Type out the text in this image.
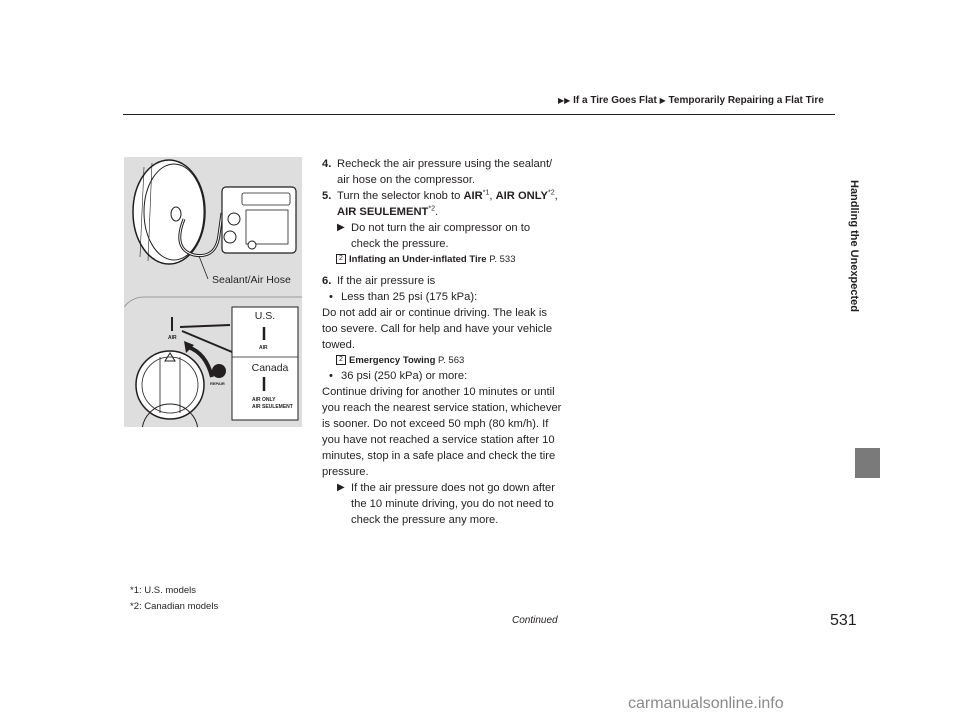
▶▶ If a Tire Goes Flat ▶ Temporarily Repairing a Flat Tire
Handling the Unexpected
Sealant/Air Hose
AIR
REPAIR
U.S.
AIR
Canada
AIR ONLY
AIR SEULEMENT
4. Recheck the air pressure using the sealant/
air hose on the compressor.
5. Turn the selector knob to AIR$^{*1}$, AIR ONLY$^{*2}$, AIR SEULEMENT$^{*2}$.
▶ Do not turn the air compressor on to check the pressure.
2 Inflating an Under-inflated Tire P. 533
6. If the air pressure is
• Less than 25 psi (175 kPa):

Do not add air or continue driving. The leak is too severe. Call for help and have your vehicle towed.

2 Emergency Towing P. 563
• 36 psi (250 kPa) or more:

Continue driving for another 10 minutes or until you reach the nearest service station, whichever is sooner. Do not exceed 50 mph (80 km/h). If you have not reached a service station after 10 minutes, stop in a safe place and check the tire pressure.

▶ If the air pressure does not go down after the 10 minute driving, you do not need to check the pressure any more.
*1: U.S. models
*2: Canadian models
Continued	531
carmanualsonline.info
